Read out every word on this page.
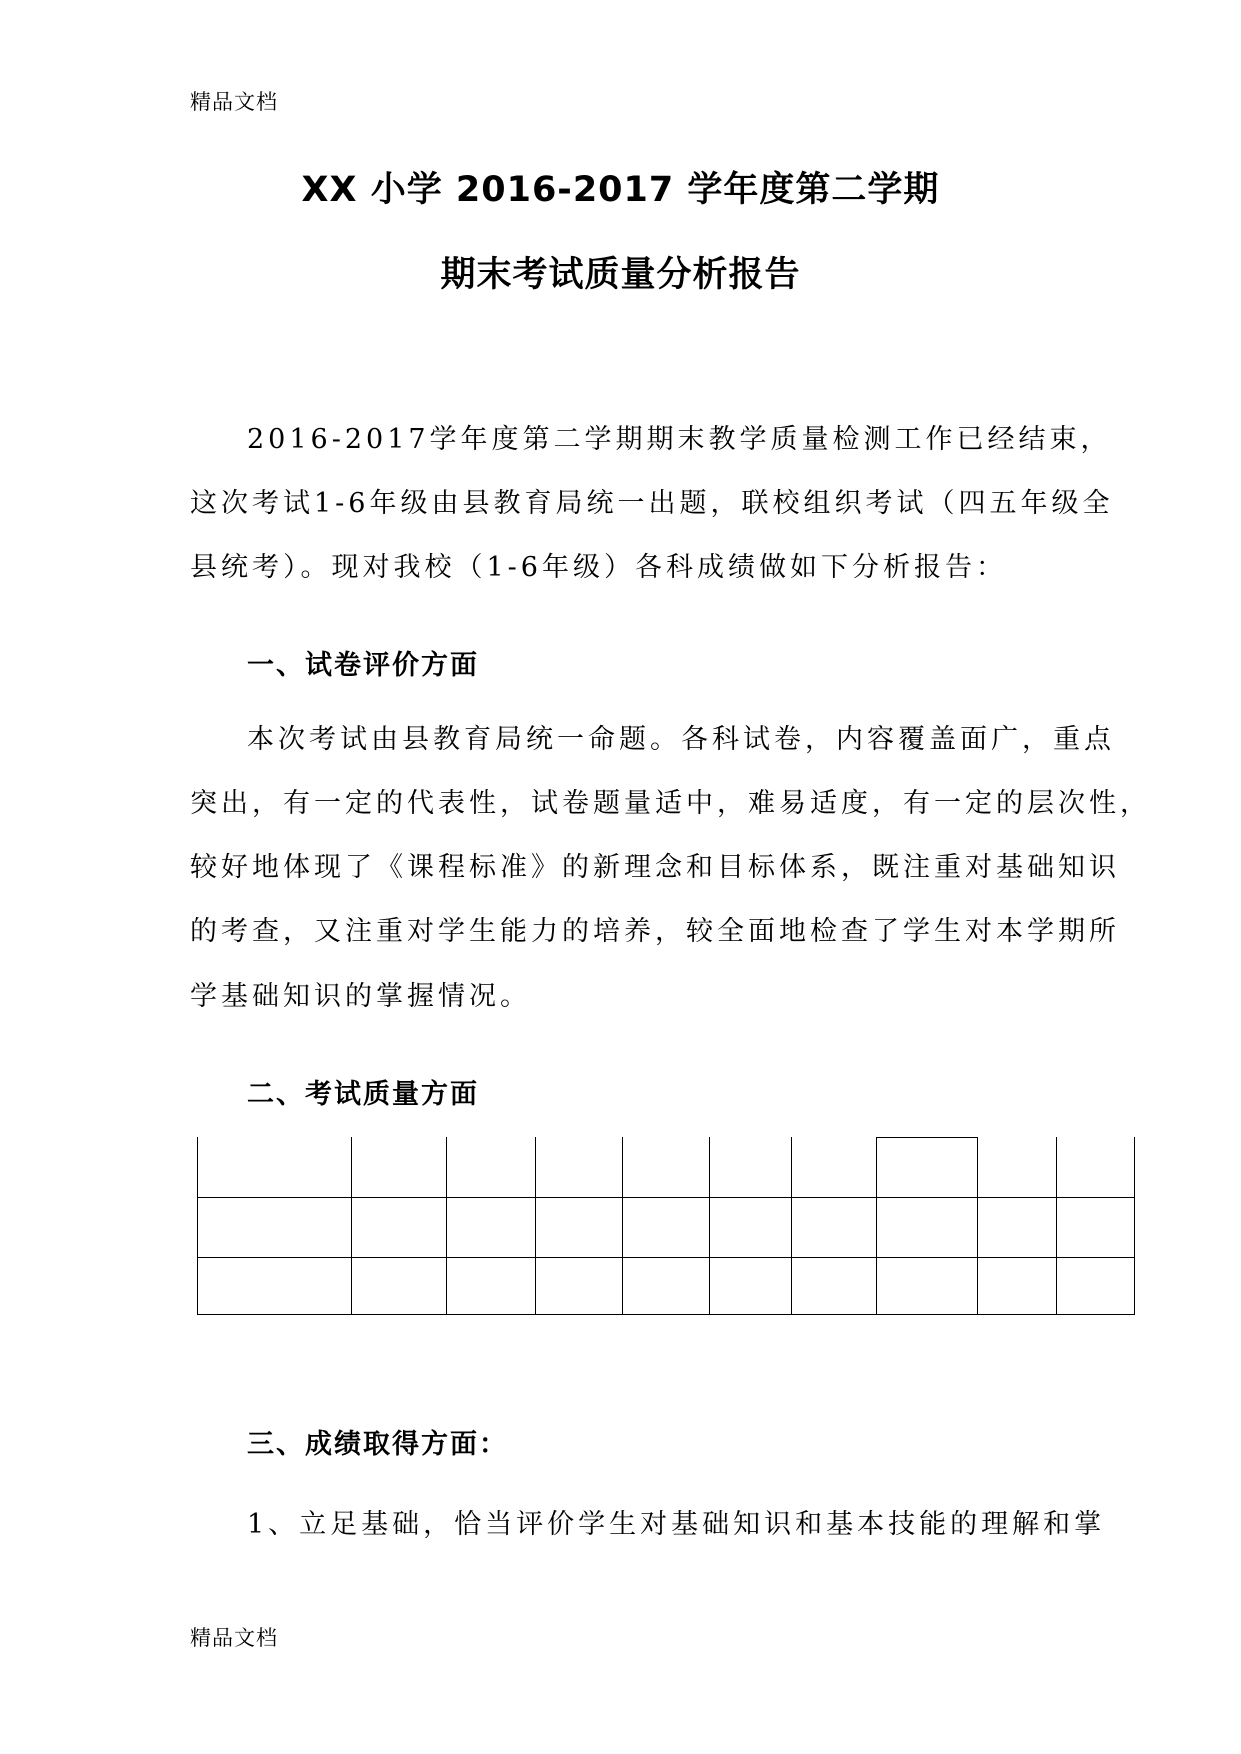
精品文档
XX 小学 2016-2017 学年度第二学期
期末考试质量分析报告
2016-2017学年度第二学期期末教学质量检测工作已经结束，
这次考试1-6年级由县教育局统一出题，联校组织考试（四五年级全
县统考）。现对我校（1-6年级）各科成绩做如下分析报告：
一、试卷评价方面
本次考试由县教育局统一命题。各科试卷，内容覆盖面广，重点
突出，有一定的代表性，试卷题量适中，难易适度，有一定的层次性，
较好地体现了《课程标准》的新理念和目标体系，既注重对基础知识
的考查，又注重对学生能力的培养，较全面地检查了学生对本学期所
学基础知识的掌握情况。
二、考试质量方面
三、成绩取得方面：
1、立足基础，恰当评价学生对基础知识和基本技能的理解和掌
精品文档
